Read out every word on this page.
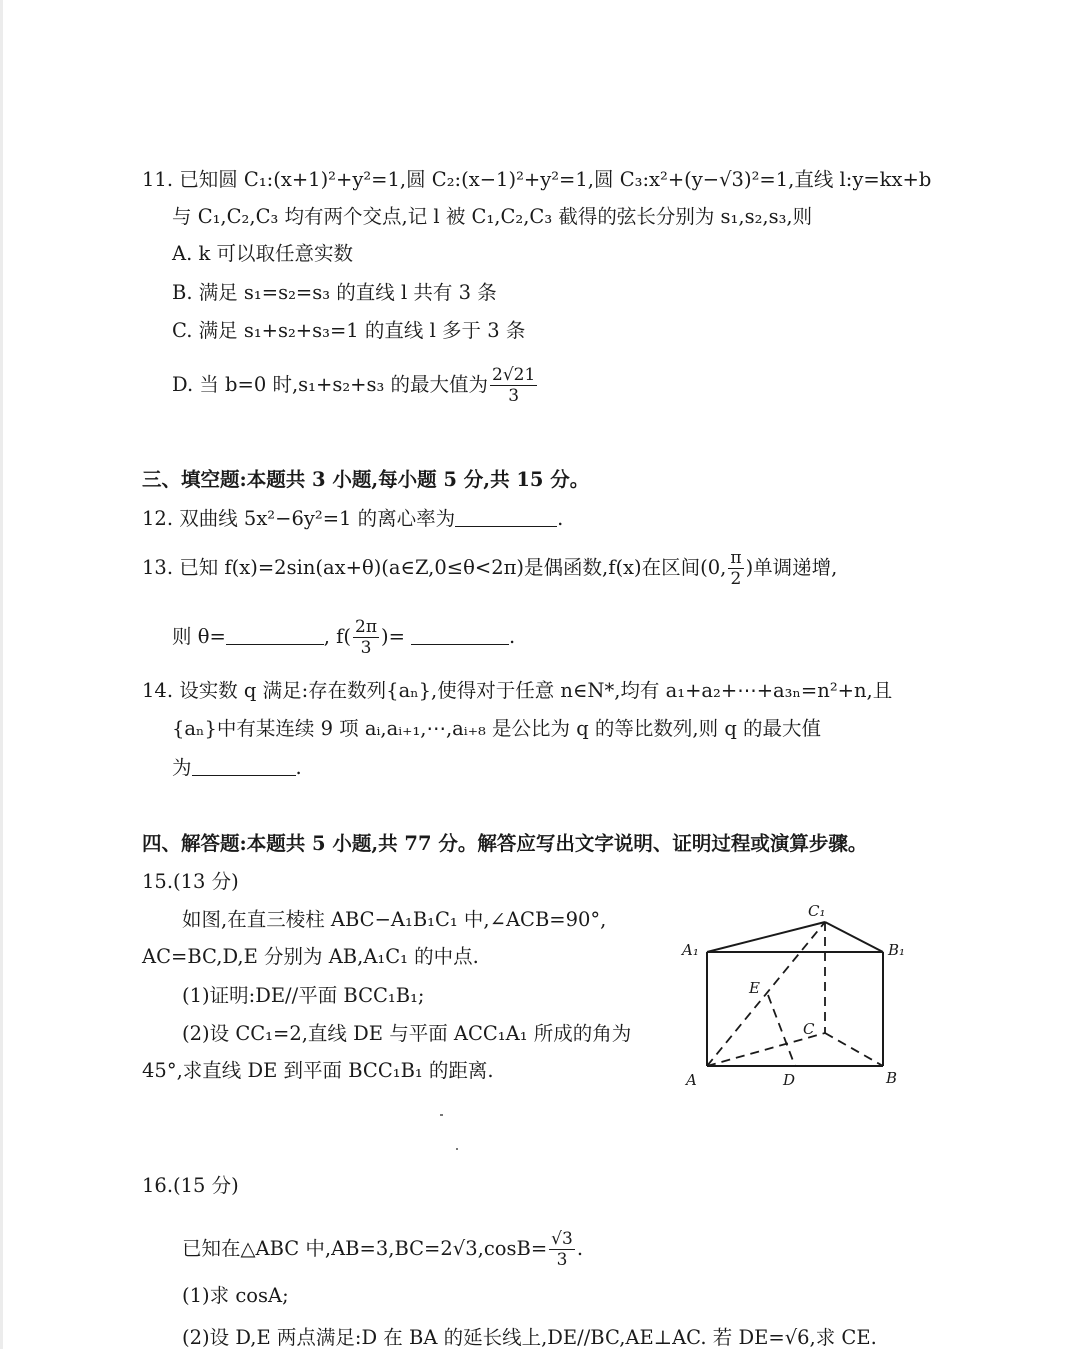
11. 已知圆 C₁:(x+1)²+y²=1,圆 C₂:(x−1)²+y²=1,圆 C₃:x²+(y−√3)²=1,直线 l:y=kx+b
与 C₁,C₂,C₃ 均有两个交点,记 l 被 C₁,C₂,C₃ 截得的弦长分别为 s₁,s₂,s₃,则
A. k 可以取任意实数
B. 满足 s₁=s₂=s₃ 的直线 l 共有 3 条
C. 满足 s₁+s₂+s₃=1 的直线 l 多于 3 条
D. 当 b=0 时,s₁+s₂+s₃ 的最大值为 $\frac{2√21}{3}$
三、填空题:本题共 3 小题,每小题 5 分,共 15 分。
12. 双曲线 5x²−6y²=1 的离心率为	.
13. 已知 f(x)=2sin(ax+θ)(a∈Z,0≤θ<2π)是偶函数,f(x)在区间(0, $\frac{\pi}{2}$ )单调递增,
则 θ=	, $f( \frac{2\pi}{3}$ )=	.
14. 设实数 q 满足:存在数列{aₙ},使得对于任意 n∈N*,均有 a₁+a₂+⋯+a₃ₙ=n²+n,且
{aₙ}中有某连续 9 项 aᵢ,aᵢ₊₁,⋯,aᵢ₊₈ 是公比为 q 的等比数列,则 q 的最大值
为	.
四、解答题:本题共 5 小题,共 77 分。解答应写出文字说明、证明过程或演算步骤。
15.(13 分)
如图,在直三棱柱 ABC−A₁B₁C₁ 中,∠ACB=90°,
AC=BC,D,E 分别为 AB,A₁C₁ 的中点.
(1)证明:DE//平面 BCC₁B₁;
(2)设 CC₁=2,直线 DE 与平面 ACC₁A₁ 所成的角为
45°,求直线 DE 到平面 BCC₁B₁ 的距离.
C₁
A₁	B₁
E
C
A	D	B
16.(15 分)
已知在△ABC 中$,AB=3,BC=2√3,\cos B= \frac{√3}{3}$ .
(1)求 cosA;
(2)设 D,E 两点满足:D 在 BA 的延长线上,DE//BC,AE⊥AC. 若 DE=√6,求 CE.
